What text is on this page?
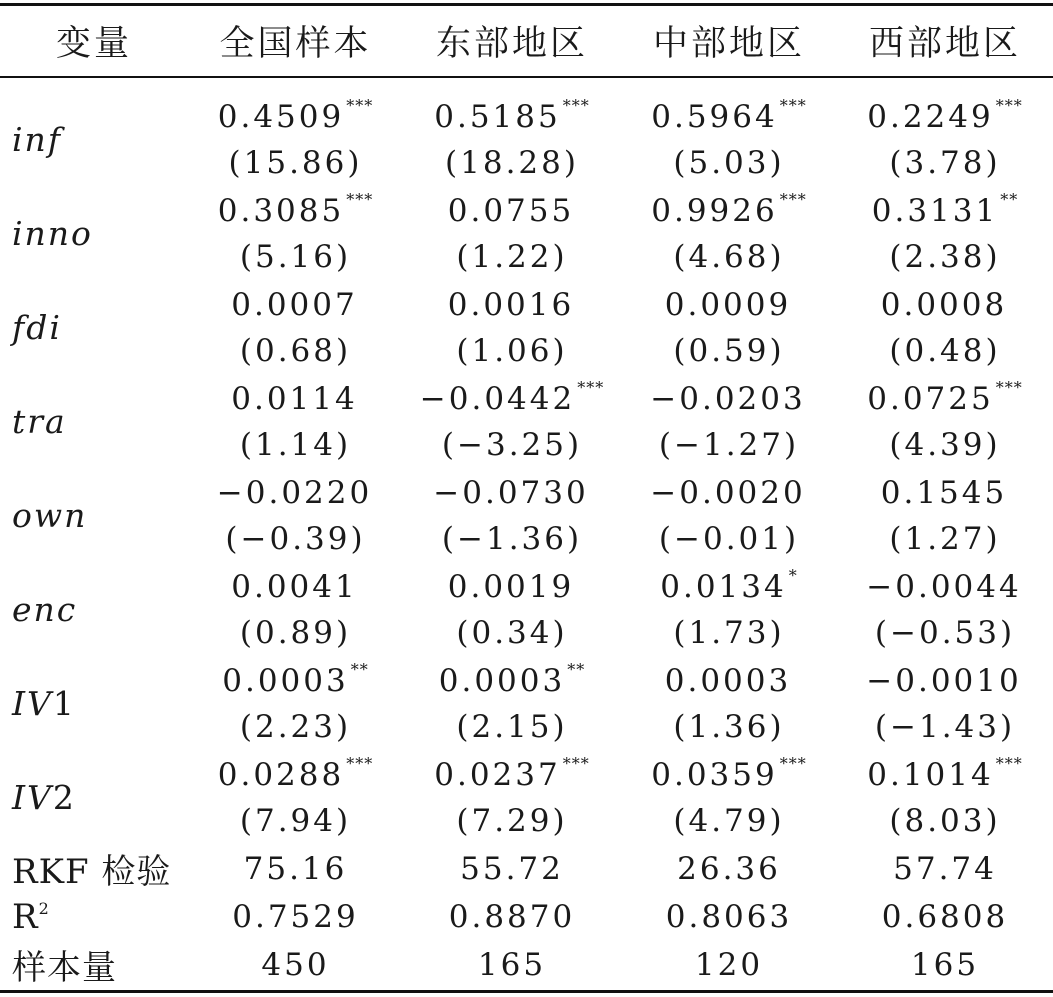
变量	全国样本	东部地区	中部地区	西部地区

inf	0.4509 ***	0.5185 ***	0.5964 ***	0.2249 ***
	(15.86)	(18.28)	(5.03)	(3.78)
inno	0.3085 ***	0.0755	0.9926 ***	0.3131 **
	(5.16)	(1.22)	(4.68)	(2.38)
fdi	0.0007	0.0016	0.0009	0.0008
	(0.68)	(1.06)	(0.59)	(0.48)
tra	0.0114	−0.0442 ***	−0.0203	0.0725 ***
	(1.14)	(−3.25)	(−1.27)	(4.39)
own	−0.0220	−0.0730	−0.0020	0.1545
	(−0.39)	(−1.36)	(−0.01)	(1.27)
enc	0.0041	0.0019	0.0134 *	−0.0044
	(0.89)	(0.34)	(1.73)	(−0.53)
IV1	0.0003 **	0.0003 **	0.0003	−0.0010
	(2.23)	(2.15)	(1.36)	(−1.43)
IV2	0.0288 ***	0.0237 ***	0.0359 ***	0.1014 ***
	(7.94)	(7.29)	(4.79)	(8.03)
RKF 检验	75.16	55.72	26.36	57.74
$R^2$	0.7529	0.8870	0.8063	0.6808
样本量	450	165	120	165
